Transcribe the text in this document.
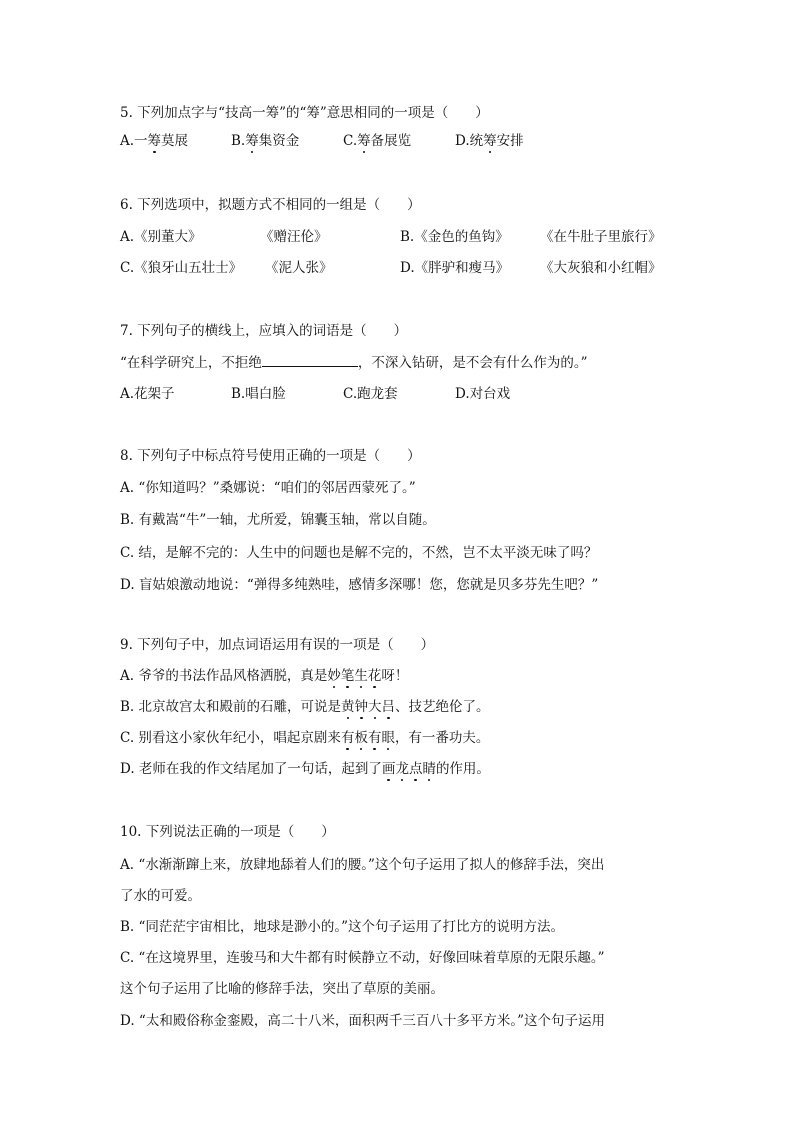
5. 下列加点字与“技高一筹”的“筹”意思相同的一项是（　　）
A.一筹莫展	B.筹集资金	C.筹备展览	D.统筹安排
6. 下列选项中，拟题方式不相同的一组是（　　）
A.《别董大》	《赠汪伦》	B.《金色的鱼钩》 《在牛肚子里旅行》
C.《狼牙山五壮士》 《泥人张》	D.《胖驴和瘦马》 《大灰狼和小红帽》
7. 下列句子的横线上，应填入的词语是（　　）
“在科学研究上，不拒绝	，不深入钻研，是不会有什么作为的。”
A.花架子	B.唱白脸	C.跑龙套	D.对台戏
8. 下列句子中标点符号使用正确的一项是（　　）
A. “你知道吗？”桑娜说：“咱们的邻居西蒙死了。”
B. 有戴嵩“牛”一轴，尤所爱，锦囊玉轴，常以自随。
C. 结，是解不完的：人生中的问题也是解不完的，不然，岂不太平淡无味了吗？
D. 盲姑娘激动地说：“弹得多纯熟哇，感情多深哪！您，您就是贝多芬先生吧？”
9. 下列句子中，加点词语运用有误的一项是（　　）
A. 爷爷的书法作品风格洒脱，真是妙笔生花呀！
B. 北京故宫太和殿前的石雕，可说是黄钟大吕、技艺绝伦了。
C. 别看这小家伙年纪小，唱起京剧来有板有眼，有一番功夫。
D. 老师在我的作文结尾加了一句话，起到了画龙点睛的作用。
10. 下列说法正确的一项是（　　）
A. “水渐渐蹿上来，放肆地舔着人们的腰。”这个句子运用了拟人的修辞手法，突出
了水的可爱。
B. “同茫茫宇宙相比，地球是渺小的。”这个句子运用了打比方的说明方法。
C. “在这境界里，连骏马和大牛都有时候静立不动，好像回味着草原的无限乐趣。”
这个句子运用了比喻的修辞手法，突出了草原的美丽。
D. “太和殿俗称金銮殿，高二十八米，面积两千三百八十多平方米。”这个句子运用
